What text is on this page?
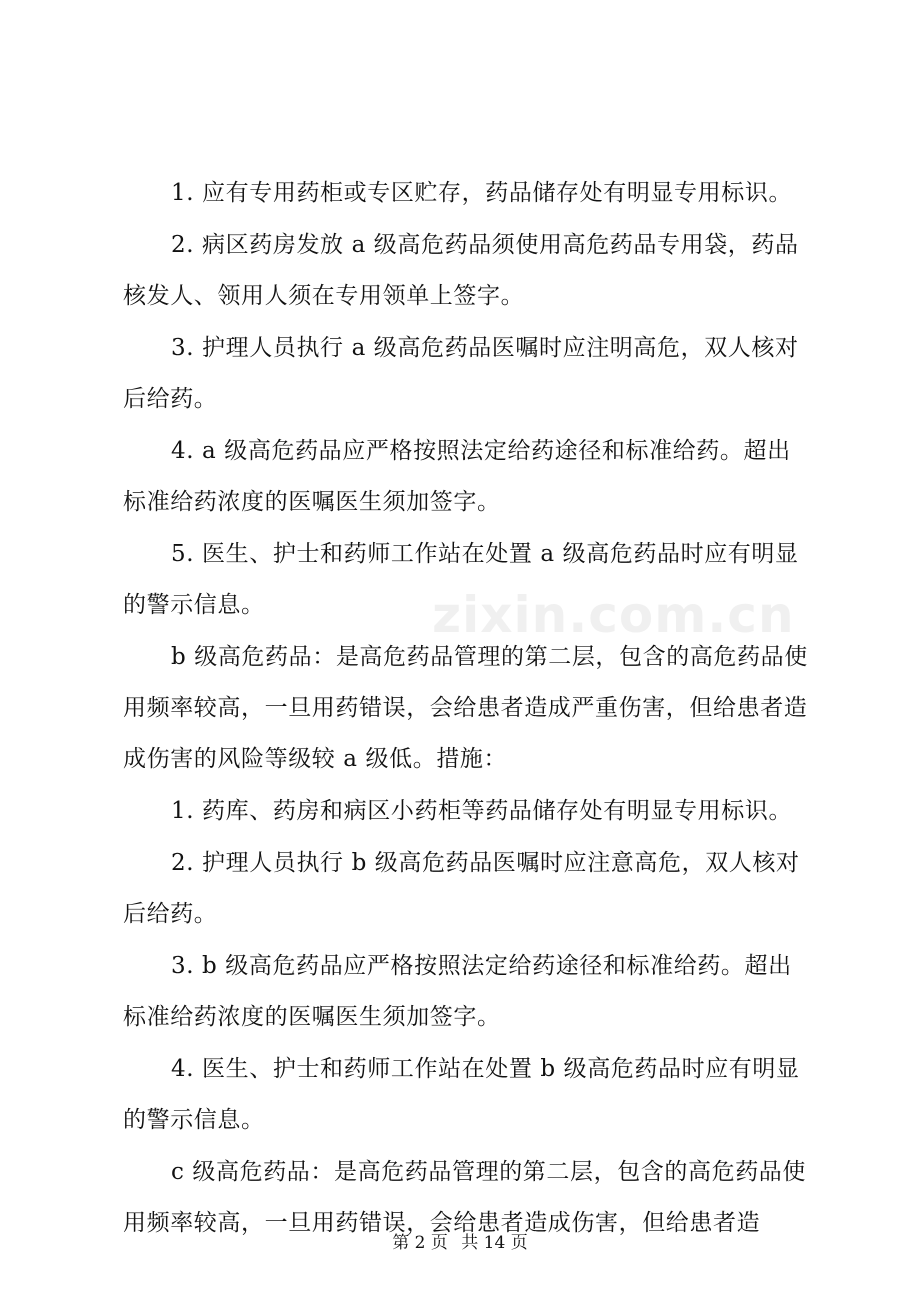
zixin.com.cn

1. 应有专用药柜或专区贮存，药品储存处有明显专用标识。

2. 病区药房发放 a 级高危药品须使用高危药品专用袋，药品核发人、领用人须在专用领单上签字。

3. 护理人员执行 a 级高危药品医嘱时应注明高危，双人核对后给药。

4. a 级高危药品应严格按照法定给药途径和标准给药。超出标准给药浓度的医嘱医生须加签字。

5. 医生、护士和药师工作站在处置 a 级高危药品时应有明显的警示信息。

b 级高危药品：是高危药品管理的第二层，包含的高危药品使用频率较高，一旦用药错误，会给患者造成严重伤害，但给患者造成伤害的风险等级较 a 级低。措施：

1. 药库、药房和病区小药柜等药品储存处有明显专用标识。

2. 护理人员执行 b 级高危药品医嘱时应注意高危，双人核对后给药。

3. b 级高危药品应严格按照法定给药途径和标准给药。超出标准给药浓度的医嘱医生须加签字。

4. 医生、护士和药师工作站在处置 b 级高危药品时应有明显的警示信息。

c 级高危药品：是高危药品管理的第二层，包含的高危药品使用频率较高，一旦用药错误，会给患者造成伤害，但给患者造

第 2 页 共 14 页
